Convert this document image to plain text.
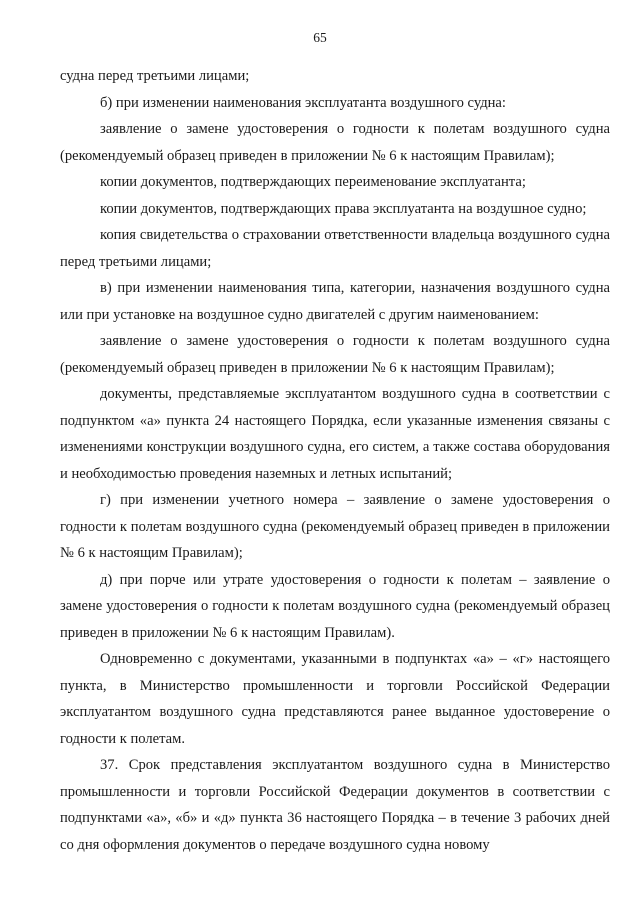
65

судна перед третьими лицами;

б) при изменении наименования эксплуатанта воздушного судна:

заявление о замене удостоверения о годности к полетам воздушного судна (рекомендуемый образец приведен в приложении № 6 к настоящим Правилам);

копии документов, подтверждающих переименование эксплуатанта;

копии документов, подтверждающих права эксплуатанта на воздушное судно;

копия свидетельства о страховании ответственности владельца воздушного судна перед третьими лицами;

в) при изменении наименования типа, категории, назначения воздушного судна или при установке на воздушное судно двигателей с другим наименованием:

заявление о замене удостоверения о годности к полетам воздушного судна (рекомендуемый образец приведен в приложении № 6 к настоящим Правилам);

документы, представляемые эксплуатантом воздушного судна в соответствии с подпунктом «а» пункта 24 настоящего Порядка, если указанные изменения связаны с изменениями конструкции воздушного судна, его систем, а также состава оборудования и необходимостью проведения наземных и летных испытаний;

г) при изменении учетного номера – заявление о замене удостоверения о годности к полетам воздушного судна (рекомендуемый образец приведен в приложении № 6 к настоящим Правилам);

д) при порче или утрате удостоверения о годности к полетам – заявление о замене удостоверения о годности к полетам воздушного судна (рекомендуемый образец приведен в приложении № 6 к настоящим Правилам).

Одновременно с документами, указанными в подпунктах «а» – «г» настоящего пункта, в Министерство промышленности и торговли Российской Федерации эксплуатантом воздушного судна представляются ранее выданное удостоверение о годности к полетам.

37. Срок представления эксплуатантом воздушного судна в Министерство промышленности и торговли Российской Федерации документов в соответствии с подпунктами «а», «б» и «д» пункта 36 настоящего Порядка – в течение 3 рабочих дней со дня оформления документов о передаче воздушного судна новому
